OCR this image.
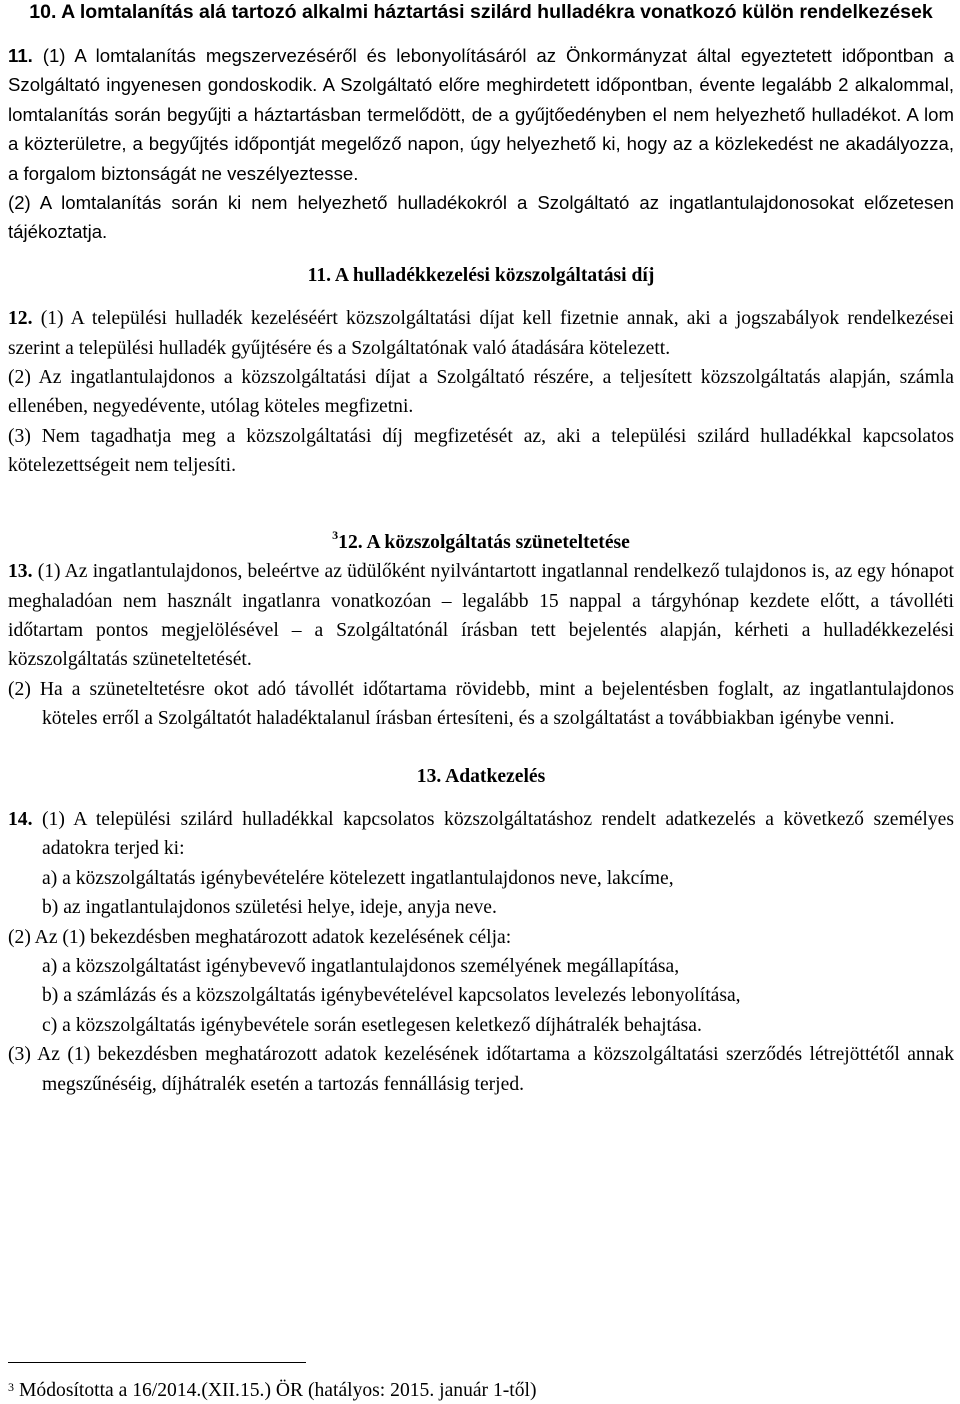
10. A lomtalanítás alá tartozó alkalmi háztartási szilárd hulladékra vonatkozó külön rendelkezések

11. (1) A lomtalanítás megszervezéséről és lebonyolításáról az Önkormányzat által egyeztetett időpontban a Szolgáltató ingyenesen gondoskodik. A Szolgáltató előre meghirdetett időpontban, évente legalább 2 alkalommal, lomtalanítás során begyűjti a háztartásban termelődött, de a gyűjtőedényben el nem helyezhető hulladékot. A lom a közterületre, a begyűjtés időpontját megelőző napon, úgy helyezhető ki, hogy az a közlekedést ne akadályozza, a forgalom biztonságát ne veszélyeztesse.

(2) A lomtalanítás során ki nem helyezhető hulladékokról a Szolgáltató az ingatlantulajdonosokat előzetesen tájékoztatja.

11. A hulladékkezelési közszolgáltatási díj

12. (1) A települési hulladék kezeléséért közszolgáltatási díjat kell fizetnie annak, aki a jogszabályok rendelkezései szerint a települési hulladék gyűjtésére és a Szolgáltatónak való átadására kötelezett.

(2) Az ingatlantulajdonos a közszolgáltatási díjat a Szolgáltató részére, a teljesített közszolgáltatás alapján, számla ellenében, negyedévente, utólag köteles megfizetni.

(3) Nem tagadhatja meg a közszolgáltatási díj megfizetését az, aki a települési szilárd hulladékkal kapcsolatos kötelezettségeit nem teljesíti.

$^3$12. A közszolgáltatás szüneteltetése

13. (1) Az ingatlantulajdonos, beleértve az üdülőként nyilvántartott ingatlannal rendelkező tulajdonos is, az egy hónapot meghaladóan nem használt ingatlanra vonatkozóan – legalább 15 nappal a tárgyhónap kezdete előtt, a távolléti időtartam pontos megjelölésével – a Szolgáltatónál írásban tett bejelentés alapján, kérheti a hulladékkezelési közszolgáltatás szüneteltetését.

(2) Ha a szüneteltetésre okot adó távollét időtartama rövidebb, mint a bejelentésben foglalt, az ingatlantulajdonos köteles erről a Szolgáltatót haladéktalanul írásban értesíteni, és a szolgáltatást a továbbiakban igénybe venni.

13. Adatkezelés

14. (1) A települési szilárd hulladékkal kapcsolatos közszolgáltatáshoz rendelt adatkezelés a következő személyes adatokra terjed ki:

a) a közszolgáltatás igénybevételére kötelezett ingatlantulajdonos neve, lakcíme,

b) az ingatlantulajdonos születési helye, ideje, anyja neve.

(2) Az (1) bekezdésben meghatározott adatok kezelésének célja:

a) a közszolgáltatást igénybevevő ingatlantulajdonos személyének megállapítása,

b) a számlázás és a közszolgáltatás igénybevételével kapcsolatos levelezés lebonyolítása,

c) a közszolgáltatás igénybevétele során esetlegesen keletkező díjhátralék behajtása.

(3) Az (1) bekezdésben meghatározott adatok kezelésének időtartama a közszolgáltatási szerződés létrejöttétől annak megszűnéséig, díjhátralék esetén a tartozás fennállásig terjed.

$^3$ Módosította a 16/2014.(XII.15.) ÖR (hatályos: 2015. január 1-től)
